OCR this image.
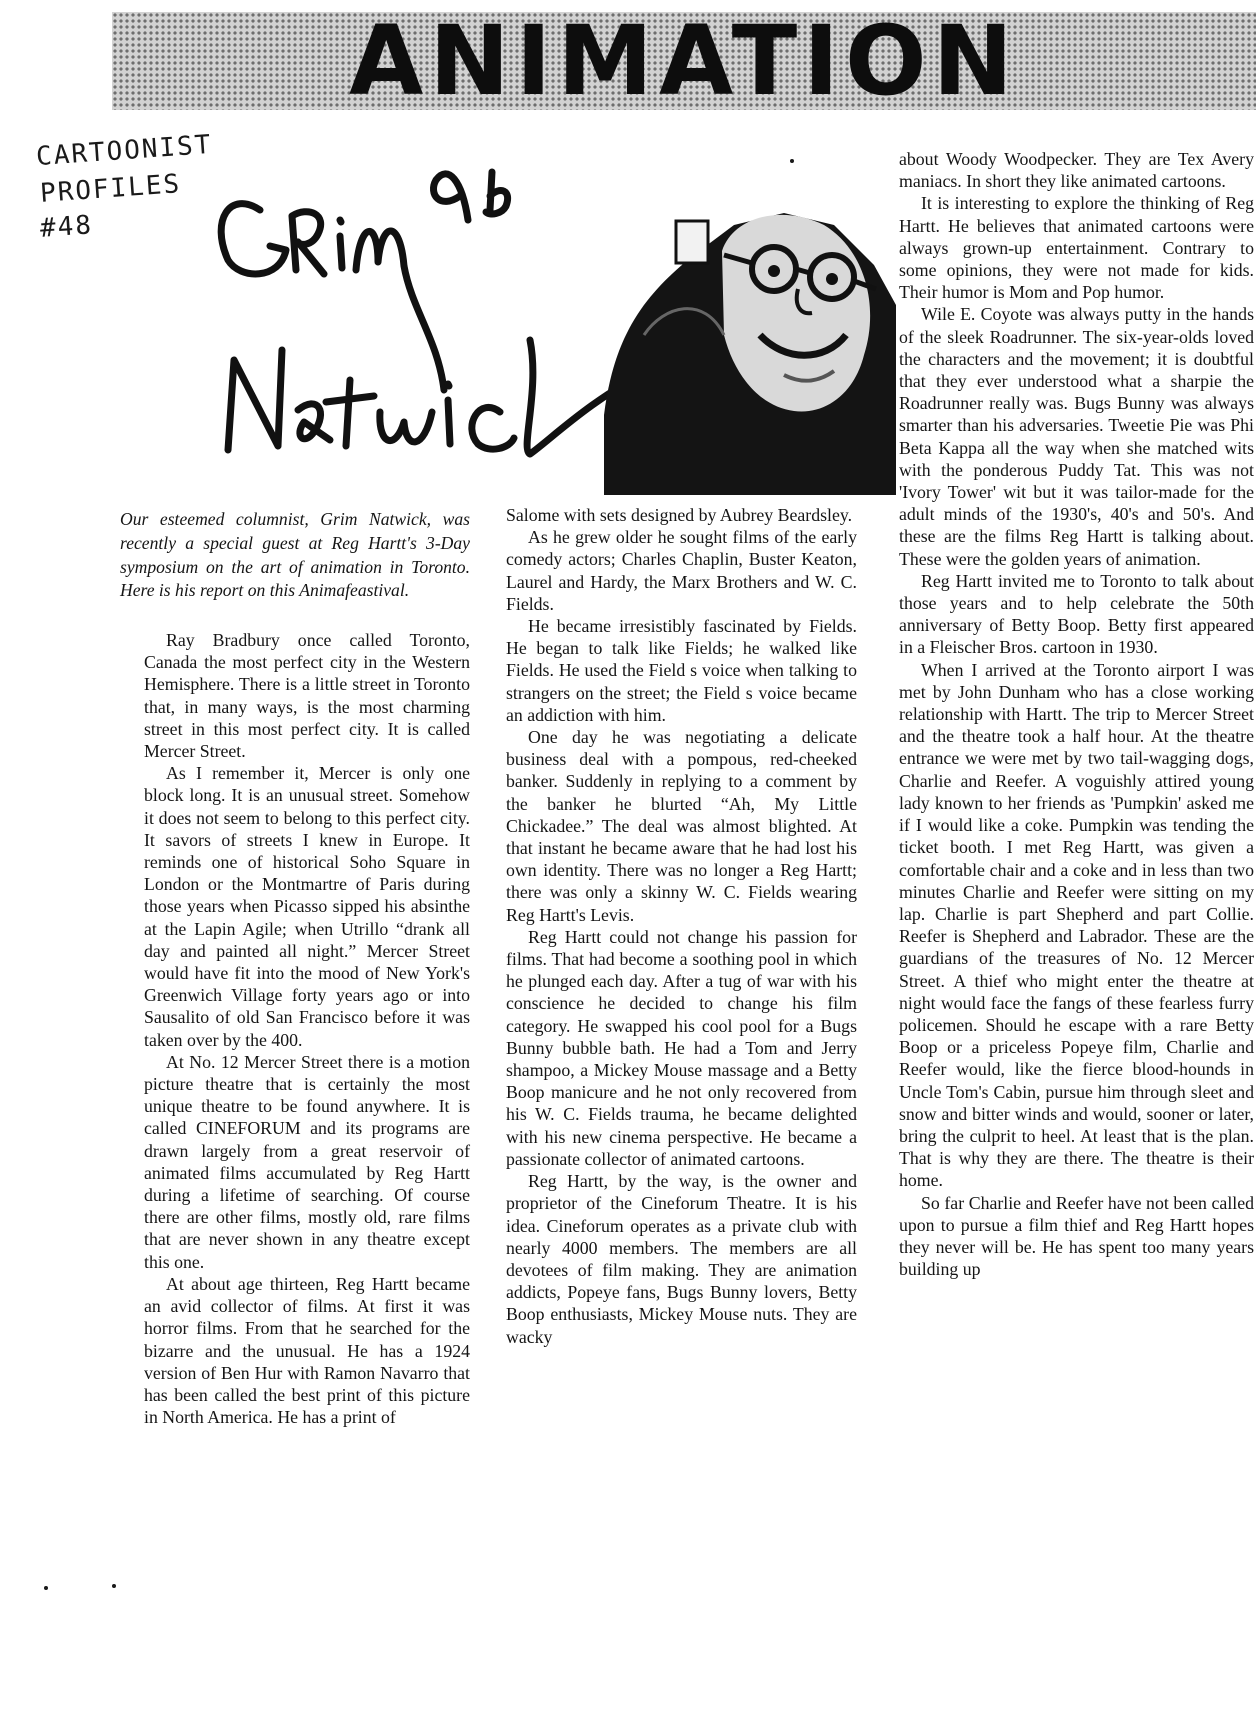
ANIMATION
CARTOONIST
PROFILES
#48

Our esteemed columnist, Grim Natwick, was recently a special guest at Reg Hartt's 3-Day symposium on the art of animation in Toronto. Here is his report on this Animafeastival.

Ray Bradbury once called Toronto, Canada the most perfect city in the Western Hemisphere. There is a little street in Toronto that, in many ways, is the most charming street in this most perfect city. It is called Mercer Street.

As I remember it, Mercer is only one block long. It is an unusual street. Somehow it does not seem to belong to this perfect city. It savors of streets I knew in Europe. It reminds one of historical Soho Square in London or the Montmartre of Paris during those years when Picasso sipped his absinthe at the Lapin Agile; when Utrillo “drank all day and painted all night.” Mercer Street would have fit into the mood of New York's Greenwich Village forty years ago or into Sausalito of old San Francisco before it was taken over by the 400.

At No. 12 Mercer Street there is a motion picture theatre that is certainly the most unique theatre to be found anywhere. It is called CINEFORUM and its programs are drawn largely from a great reservoir of animated films accumulated by Reg Hartt during a lifetime of searching. Of course there are other films, mostly old, rare films that are never shown in any theatre except this one.

At about age thirteen, Reg Hartt became an avid collector of films. At first it was horror films. From that he searched for the bizarre and the unusual. He has a 1924 version of Ben Hur with Ramon Navarro that has been called the best print of this picture in North America. He has a print of

Salome with sets designed by Aubrey Beardsley.

As he grew older he sought films of the early comedy actors; Charles Chaplin, Buster Keaton, Laurel and Hardy, the Marx Brothers and W. C. Fields.

He became irresistibly fascinated by Fields. He began to talk like Fields; he walked like Fields. He used the Field s voice when talking to strangers on the street; the Field s voice became an addiction with him.

One day he was negotiating a delicate business deal with a pompous, red-cheeked banker. Suddenly in replying to a comment by the banker he blurted “Ah, My Little Chickadee.” The deal was almost blighted. At that instant he became aware that he had lost his own identity. There was no longer a Reg Hartt; there was only a skinny W. C. Fields wearing Reg Hartt's Levis.

Reg Hartt could not change his passion for films. That had become a soothing pool in which he plunged each day. After a tug of war with his conscience he decided to change his film category. He swapped his cool pool for a Bugs Bunny bubble bath. He had a Tom and Jerry shampoo, a Mickey Mouse massage and a Betty Boop manicure and he not only recovered from his W. C. Fields trauma, he became delighted with his new cinema perspective. He became a passionate collector of animated cartoons.

Reg Hartt, by the way, is the owner and proprietor of the Cineforum Theatre. It is his idea. Cineforum operates as a private club with nearly 4000 members. The members are all devotees of film making. They are animation addicts, Popeye fans, Bugs Bunny lovers, Betty Boop enthusiasts, Mickey Mouse nuts. They are wacky

about Woody Woodpecker. They are Tex Avery maniacs. In short they like animated cartoons.

It is interesting to explore the thinking of Reg Hartt. He believes that animated cartoons were always grown-up entertainment. Contrary to some opinions, they were not made for kids. Their humor is Mom and Pop humor.

Wile E. Coyote was always putty in the hands of the sleek Roadrunner. The six-year-olds loved the characters and the movement; it is doubtful that they ever understood what a sharpie the Roadrunner really was. Bugs Bunny was always smarter than his adversaries. Tweetie Pie was Phi Beta Kappa all the way when she matched wits with the ponderous Puddy Tat. This was not 'Ivory Tower' wit but it was tailor-made for the adult minds of the 1930's, 40's and 50's. And these are the films Reg Hartt is talking about. These were the golden years of animation.

Reg Hartt invited me to Toronto to talk about those years and to help celebrate the 50th anniversary of Betty Boop. Betty first appeared in a Fleischer Bros. cartoon in 1930.

When I arrived at the Toronto airport I was met by John Dunham who has a close working relationship with Hartt. The trip to Mercer Street and the theatre took a half hour. At the theatre entrance we were met by two tail-wagging dogs, Charlie and Reefer. A voguishly attired young lady known to her friends as 'Pumpkin' asked me if I would like a coke. Pumpkin was tending the ticket booth. I met Reg Hartt, was given a comfortable chair and a coke and in less than two minutes Charlie and Reefer were sitting on my lap. Charlie is part Shepherd and part Collie. Reefer is Shepherd and Labrador. These are the guardians of the treasures of No. 12 Mercer Street. A thief who might enter the theatre at night would face the fangs of these fearless furry policemen. Should he escape with a rare Betty Boop or a priceless Popeye film, Charlie and Reefer would, like the fierce blood-hounds in Uncle Tom's Cabin, pursue him through sleet and snow and bitter winds and would, sooner or later, bring the culprit to heel. At least that is the plan. That is why they are there. The theatre is their home.

So far Charlie and Reefer have not been called upon to pursue a film thief and Reg Hartt hopes they never will be. He has spent too many years building up
